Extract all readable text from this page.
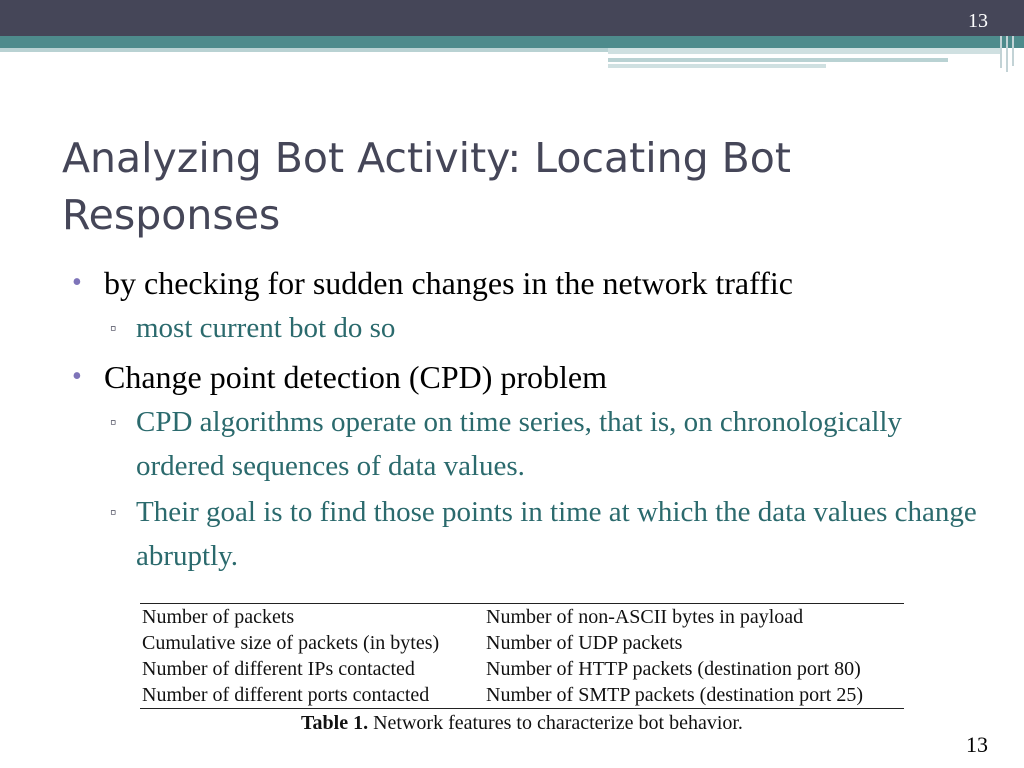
13
Analyzing Bot Activity: Locating Bot Responses
• by checking for sudden changes in the network traffic
▫ most current bot do so
• Change point detection (CPD) problem
▫ CPD algorithms operate on time series, that is, on chronologically ordered sequences of data values.
▫ Their goal is to find those points in time at which the data values change abruptly.
Number of packets	Number of non-ASCII bytes in payload
Cumulative size of packets (in bytes)	Number of UDP packets
Number of different IPs contacted	Number of HTTP packets (destination port 80)
Number of different ports contacted	Number of SMTP packets (destination port 25)
Table 1. Network features to characterize bot behavior.
13
